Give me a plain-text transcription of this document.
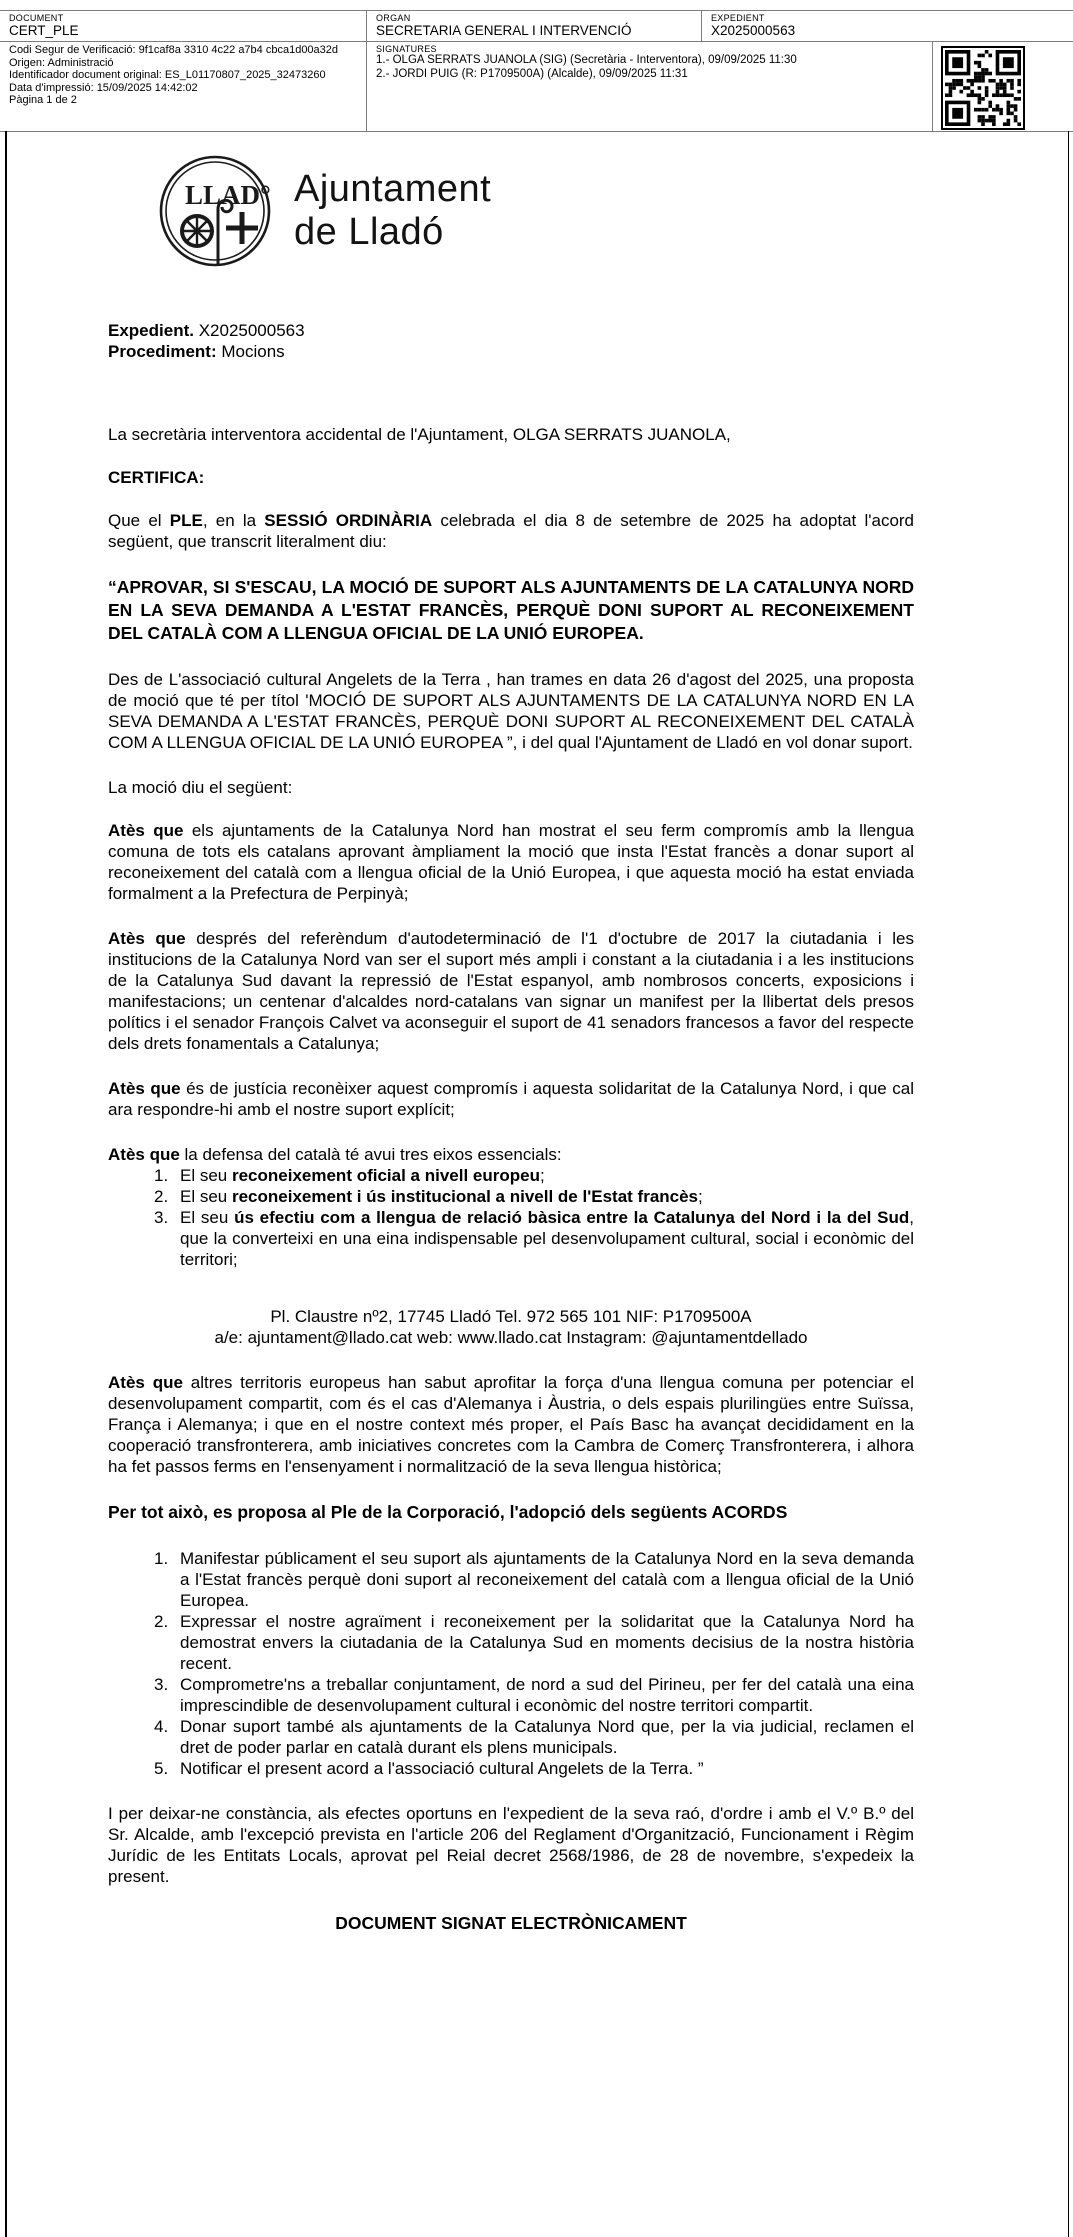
DOCUMENT
CERT_PLE
ORGAN
SECRETARIA GENERAL I INTERVENCIÓ
EXPEDIENT
X2025000563
Codi Segur de Verificació: 9f1caf8a 3310 4c22 a7b4 cbca1d00a32d
Origen: Administració
Identificador document original: ES_L01170807_2025_32473260
Data d'impressió: 15/09/2025 14:42:02
Pàgina 1 de 2
SIGNATURES
1.- OLGA SERRATS JUANOLA (SIG) (Secretària - Interventora), 09/09/2025 11:30
2.- JORDI PUIG (R: P1709500A) (Alcalde), 09/09/2025 11:31
LLAD° Ajuntament
de Lladó
Expedient. X2025000563
Procediment: Mocions
La secretària interventora accidental de l'Ajuntament, OLGA SERRATS JUANOLA,
CERTIFICA:
Que el PLE, en la SESSIÓ ORDINÀRIA celebrada el dia 8 de setembre de 2025 ha adoptat l'acord següent, que transcrit literalment diu:
“APROVAR, SI S'ESCAU, LA MOCIÓ DE SUPORT ALS AJUNTAMENTS DE LA CATALUNYA NORD EN LA SEVA DEMANDA A L'ESTAT FRANCÈS, PERQUÈ DONI SUPORT AL RECONEIXEMENT DEL CATALÀ COM A LLENGUA OFICIAL DE LA UNIÓ EUROPEA.
Des de L'associació cultural Angelets de la Terra , han trames en data 26 d'agost del 2025, una proposta de moció que té per títol 'MOCIÓ DE SUPORT ALS AJUNTAMENTS DE LA CATALUNYA NORD EN LA SEVA DEMANDA A L'ESTAT FRANCÈS, PERQUÈ DONI SUPORT AL RECONEIXEMENT DEL CATALÀ COM A LLENGUA OFICIAL DE LA UNIÓ EUROPEA ”, i del qual l'Ajuntament de Lladó en vol donar suport.
La moció diu el següent:
Atès que els ajuntaments de la Catalunya Nord han mostrat el seu ferm compromís amb la llengua comuna de tots els catalans aprovant àmpliament la moció que insta l'Estat francès a donar suport al reconeixement del català com a llengua oficial de la Unió Europea, i que aquesta moció ha estat enviada formalment a la Prefectura de Perpinyà;
Atès que després del referèndum d'autodeterminació de l'1 d'octubre de 2017 la ciutadania i les institucions de la Catalunya Nord van ser el suport més ampli i constant a la ciutadania i a les institucions de la Catalunya Sud davant la repressió de l'Estat espanyol, amb nombrosos concerts, exposicions i manifestacions; un centenar d'alcaldes nord-catalans van signar un manifest per la llibertat dels presos polítics i el senador François Calvet va aconseguir el suport de 41 senadors francesos a favor del respecte dels drets fonamentals a Catalunya;
Atès que és de justícia reconèixer aquest compromís i aquesta solidaritat de la Catalunya Nord, i que cal ara respondre-hi amb el nostre suport explícit;
Atès que la defensa del català té avui tres eixos essencials:
1. El seu reconeixement oficial a nivell europeu;
2. El seu reconeixement i ús institucional a nivell de l'Estat francès;
3. El seu ús efectiu com a llengua de relació bàsica entre la Catalunya del Nord i la del Sud, que la converteixi en una eina indispensable pel desenvolupament cultural, social i econòmic del territori;
Pl. Claustre nº2, 17745 Lladó Tel. 972 565 101 NIF: P1709500A
a/e: ajuntament@llado.cat web: www.llado.cat Instagram: @ajuntamentdellado
Atès que altres territoris europeus han sabut aprofitar la força d'una llengua comuna per potenciar el desenvolupament compartit, com és el cas d'Alemanya i Àustria, o dels espais plurilingües entre Suïssa, França i Alemanya; i que en el nostre context més proper, el País Basc ha avançat decididament en la cooperació transfronterera, amb iniciatives concretes com la Cambra de Comerç Transfronterera, i alhora ha fet passos ferms en l'ensenyament i normalització de la seva llengua històrica;
Per tot això, es proposa al Ple de la Corporació, l'adopció dels següents ACORDS
1. Manifestar públicament el seu suport als ajuntaments de la Catalunya Nord en la seva demanda a l'Estat francès perquè doni suport al reconeixement del català com a llengua oficial de la Unió Europea.
2. Expressar el nostre agraïment i reconeixement per la solidaritat que la Catalunya Nord ha demostrat envers la ciutadania de la Catalunya Sud en moments decisius de la nostra història recent.
3. Comprometre'ns a treballar conjuntament, de nord a sud del Pirineu, per fer del català una eina imprescindible de desenvolupament cultural i econòmic del nostre territori compartit.
4. Donar suport també als ajuntaments de la Catalunya Nord que, per la via judicial, reclamen el dret de poder parlar en català durant els plens municipals.
5. Notificar el present acord a l'associació cultural Angelets de la Terra. ”
I per deixar-ne constància, als efectes oportuns en l'expedient de la seva raó, d'ordre i amb el V.º B.º del Sr. Alcalde, amb l'excepció prevista en l'article 206 del Reglament d'Organització, Funcionament i Règim Jurídic de les Entitats Locals, aprovat pel Reial decret 2568/1986, de 28 de novembre, s'expedeix la present.
DOCUMENT SIGNAT ELECTRÒNICAMENT
